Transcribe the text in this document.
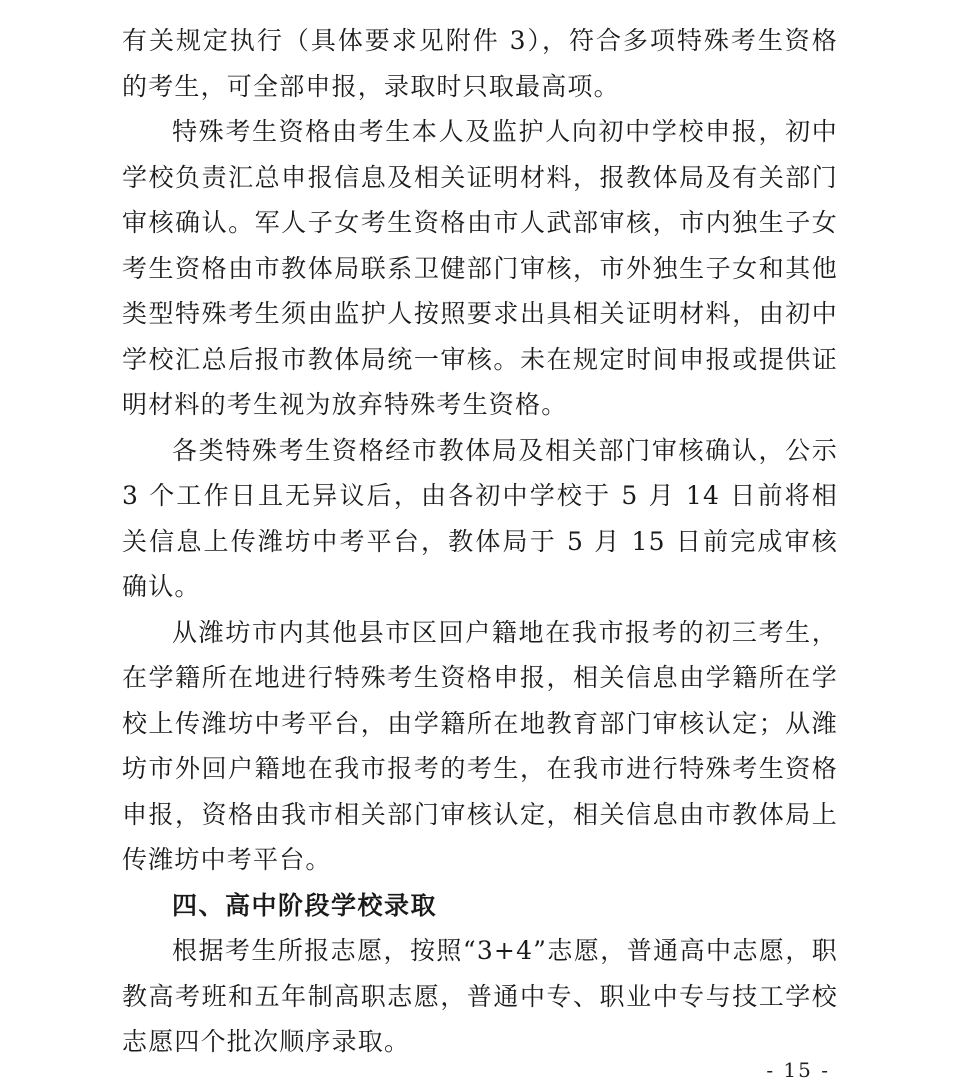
有关规定执行（具体要求见附件 3），符合多项特殊考生资格的考生，可全部申报，录取时只取最高项。

特殊考生资格由考生本人及监护人向初中学校申报，初中学校负责汇总申报信息及相关证明材料，报教体局及有关部门审核确认。军人子女考生资格由市人武部审核，市内独生子女考生资格由市教体局联系卫健部门审核，市外独生子女和其他类型特殊考生须由监护人按照要求出具相关证明材料，由初中学校汇总后报市教体局统一审核。未在规定时间申报或提供证明材料的考生视为放弃特殊考生资格。

各类特殊考生资格经市教体局及相关部门审核确认，公示 3 个工作日且无异议后，由各初中学校于 5 月 14 日前将相关信息上传潍坊中考平台，教体局于 5 月 15 日前完成审核确认。

从潍坊市内其他县市区回户籍地在我市报考的初三考生，在学籍所在地进行特殊考生资格申报，相关信息由学籍所在学校上传潍坊中考平台，由学籍所在地教育部门审核认定；从潍坊市外回户籍地在我市报考的考生，在我市进行特殊考生资格申报，资格由我市相关部门审核认定，相关信息由市教体局上传潍坊中考平台。

四、高中阶段学校录取

根据考生所报志愿，按照“3+4”志愿，普通高中志愿，职教高考班和五年制高职志愿，普通中专、职业中专与技工学校志愿四个批次顺序录取。

- 15 -
